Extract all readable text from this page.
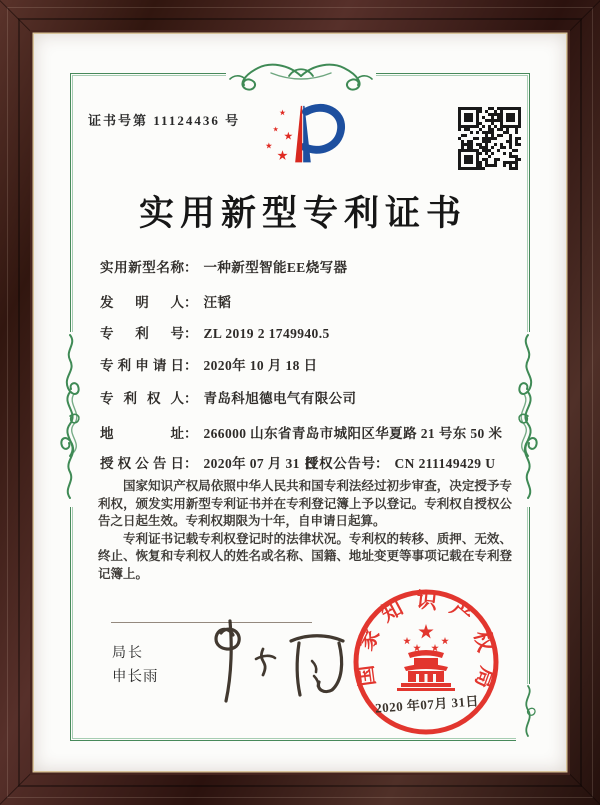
证书号第 11124436 号
实用新型专利证书
实用新型名称： 一种新型智能EE烧写器
发 明 人： 汪韬
专 利 号： ZL 2019 2 1749940.5
专利申请日： 2020年 10 月 18 日
专 利 权 人： 青岛科旭德电气有限公司
地 址： 266000 山东省青岛市城阳区华夏路 21 号东 50 米
授权公告日： 2020年 07 月 31 日
授权公告号： CN 211149429 U

国家知识产权局依照中华人民共和国专利法经过初步审查，决定授予专利权，颁发实用新型专利证书并在专利登记簿上予以登记。专利权自授权公告之日起生效。专利权期限为十年，自申请日起算。

专利证书记载专利权登记时的法律状况。专利权的转移、质押、无效、终止、恢复和专利权人的姓名或名称、国籍、地址变更等事项记载在专利登记簿上。

局长
申长雨	国家知识产权局
2020 年07月 31日
